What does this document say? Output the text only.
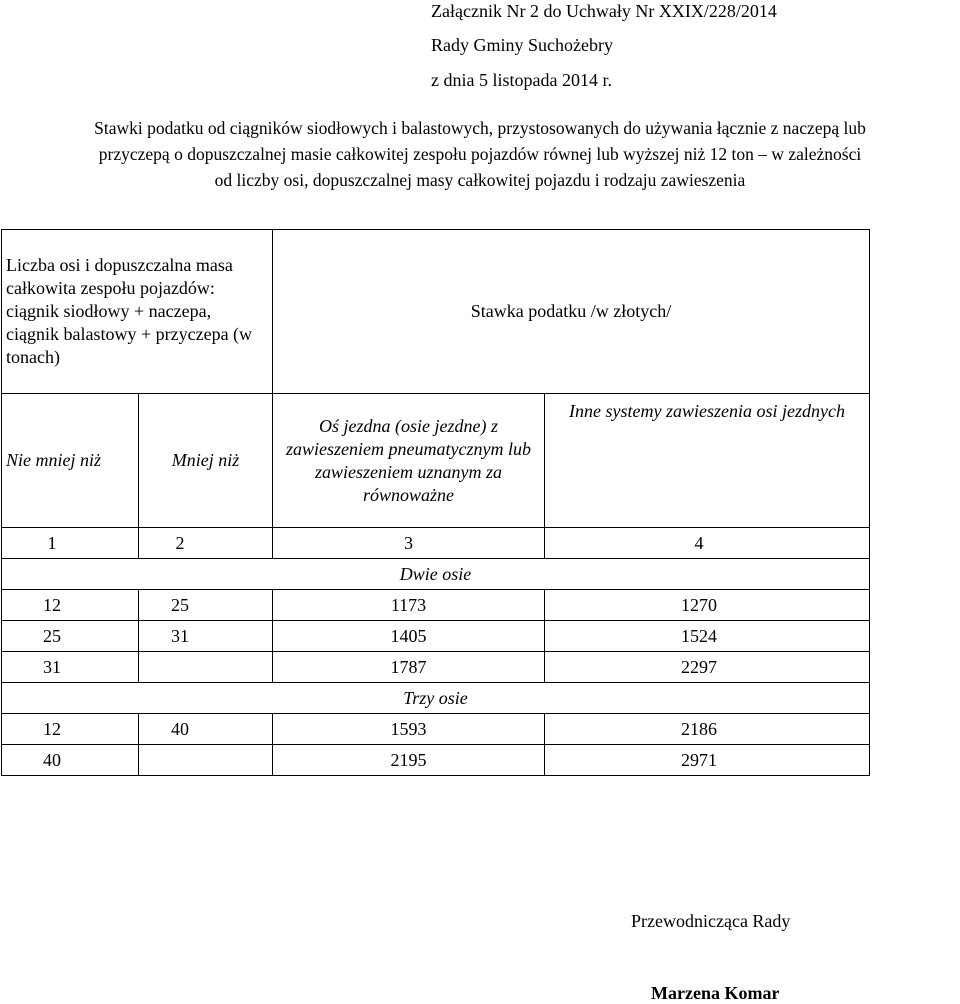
Załącznik Nr 2 do Uchwały Nr XXIX/228/2014
Rady Gminy Suchożebry
z dnia 5 listopada 2014 r.
Stawki podatku od ciągników siodłowych i balastowych, przystosowanych do używania łącznie z naczepą lub
przyczepą o dopuszczalnej masie całkowitej zespołu pojazdów równej lub wyższej niż 12 ton – w zależności
od liczby osi, dopuszczalnej masy całkowitej pojazdu i rodzaju zawieszenia
Liczba osi i dopuszczalna masa całkowita zespołu pojazdów: ciągnik siodłowy + naczepa, ciągnik balastowy + przyczepa (w tonach)		Stawka podatku /w złotych/	
Nie mniej niż	Mniej niż	Oś jezdna (osie jezdne) z zawieszeniem pneumatycznym lub zawieszeniem uznanym za równoważne	Inne systemy zawieszenia osi jezdnych
1	2	3	4
Dwie osie			
12	25	1173	1270
25	31	1405	1524
31		1787	2297
Trzy osie			
12	40	1593	2186
40		2195	2971
Przewodnicząca Rady
Marzena Komar
